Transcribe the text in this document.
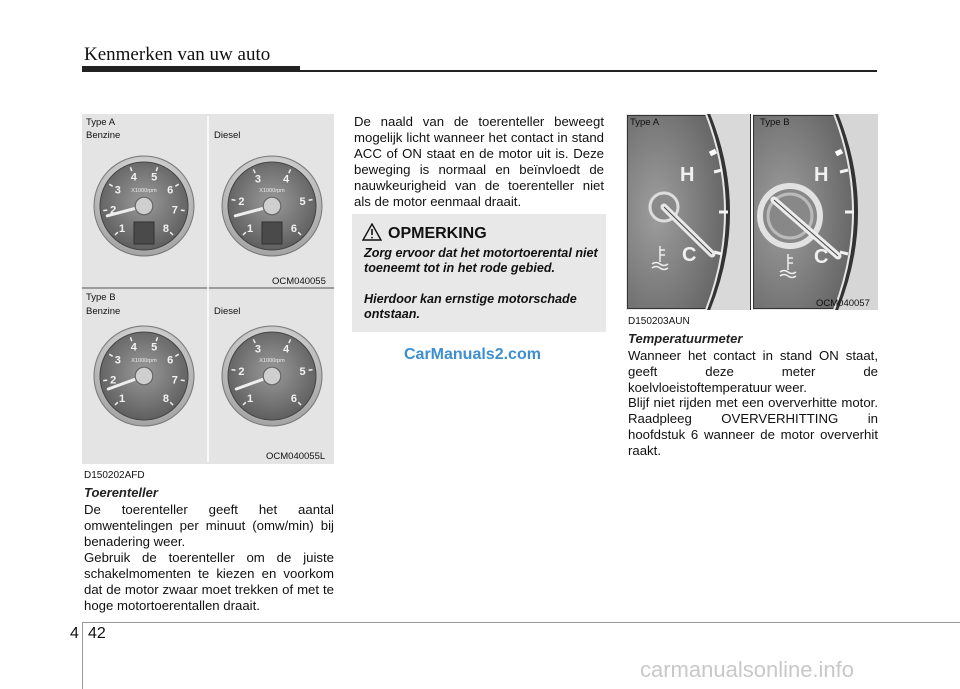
Kenmerken van uw auto
1
2
3
4 5
6
7
8
X1000rpm
1
2
3 4
5
6
X1000rpm
1
2
3
4 5
6
7
8
X1000rpm
1
2
3 4
5
6
X1000rpm
Type A
Benzine	Diesel
OCM040055
Type B
Benzine	Diesel
OCM040055L
D150202AFD
Toerenteller
De toerenteller geeft het aantal omwentelingen per minuut (omw/min) bij benadering weer.
Gebruik de toerenteller om de juiste schakelmomenten te kiezen en voorkom dat de motor zwaar moet trekken of met te hoge motortoerentallen draait.
De naald van de toerenteller beweegt mogelijk licht wanneer het contact in stand ACC of ON staat en de motor uit is. Deze beweging is normaal en beïnvloedt de nauwkeurigheid van de toerenteller niet als de motor eenmaal draait.
OPMERKING
Zorg ervoor dat het motortoerental niet toeneemt tot in het rode gebied.
Hierdoor kan ernstige motorschade ontstaan.
CarManuals2.com
Type A	Type B
H
C
H
C
OCM040057
D150203AUN
Temperatuurmeter
Wanneer het contact in stand ON staat, geeft deze meter de koelvloeistoftemperatuur weer.
Blijf niet rijden met een oververhitte motor. Raadpleeg OVERVERHITTING in hoofdstuk 6 wanneer de motor oververhit raakt.
4 42
carmanualsonline.info
